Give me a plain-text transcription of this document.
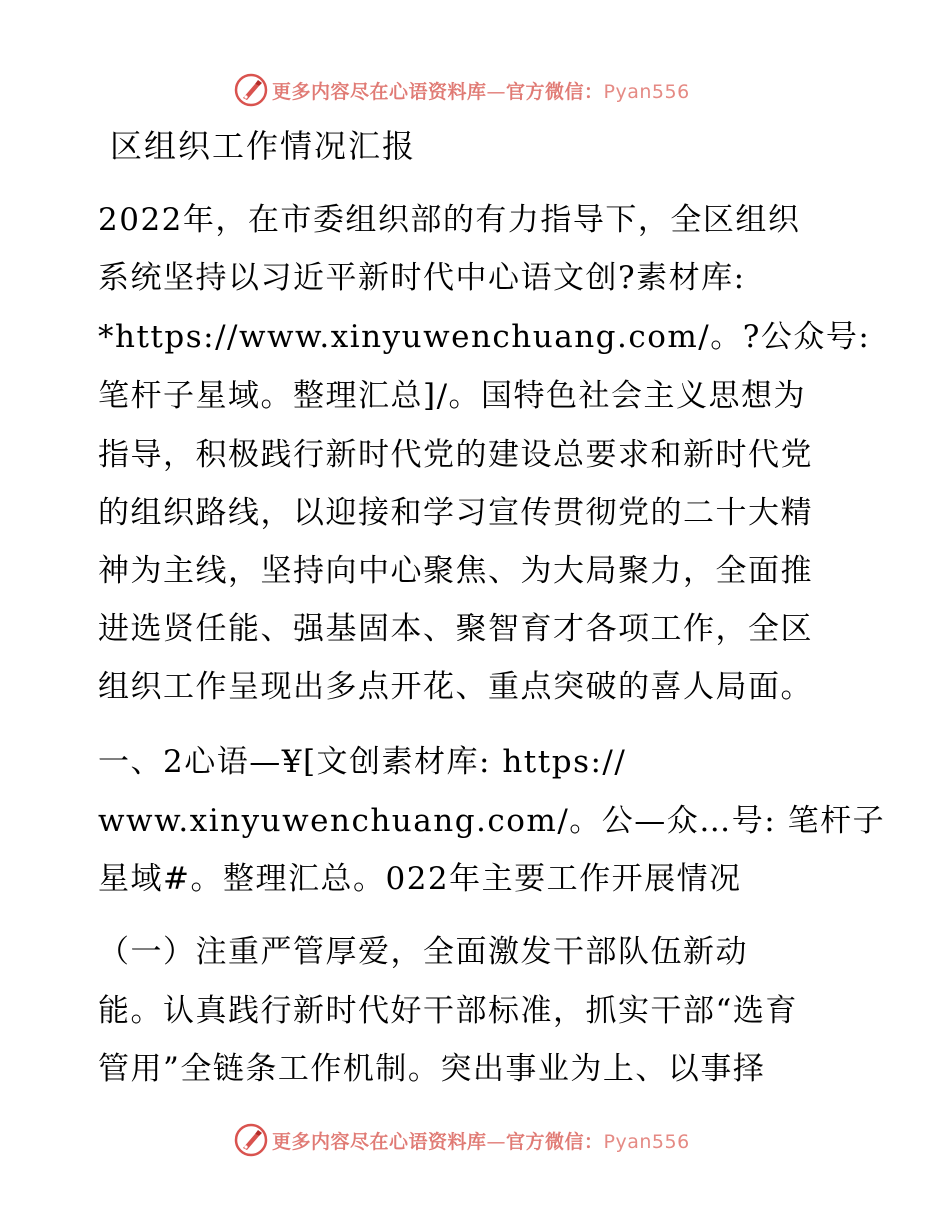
更多内容尽在心语资料库—官方微信：Pyan556
区组织工作情况汇报
2022年，在市委组织部的有力指导下，全区组织
系统坚持以习近平新时代中心语文创?素材库:
*https://www.xinyuwenchuang.com/。?公众号:
笔杆子星域。整理汇总]/。国特色社会主义思想为
指导，积极践行新时代党的建设总要求和新时代党
的组织路线，以迎接和学习宣传贯彻党的二十大精
神为主线，坚持向中心聚焦、为大局聚力，全面推
进选贤任能、强基固本、聚智育才各项工作，全区
组织工作呈现出多点开花、重点突破的喜人局面。
一、2心语—¥[文创素材库: https://
www.xinyuwenchuang.com/。公—众…号: 笔杆子
星域#。整理汇总。022年主要工作开展情况
（一）注重严管厚爱，全面激发干部队伍新动
能。认真践行新时代好干部标准，抓实干部“选育
管用”全链条工作机制。突出事业为上、以事择
更多内容尽在心语资料库—官方微信：Pyan556
